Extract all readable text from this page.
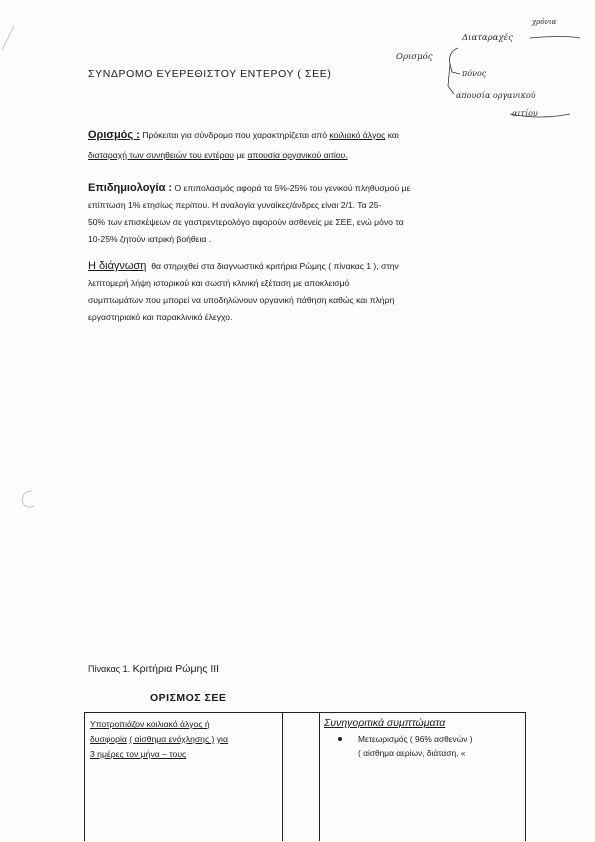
ΣΥΝΔΡΟΜΟ ΕΥΕΡΕΘΙΣΤΟΥ ΕΝΤΕΡΟΥ ( ΣΕΕ)
χρόνια
Ορισμός
Διαταραχές
πόνος
απουσία οργανικού
αιτίου
Ορισμός : Πρόκειται για σύνδρομο που χαρακτηρίζεται από κοιλιακό άλγος και
διαταραχή των συνηθειών του εντέρου με απουσία οργανικού αιτίου.
Επιδημιολογία : Ο επιπολασμός αφορά τα 5%-25% του γενικού πληθυσμού με
επίπτωση 1% ετησίως περίπου. Η αναλογία γυναίκες/άνδρες είναι 2/1. Τα 25-
50% των επισκέψεων σε γαστρεντερολόγο αφορούν ασθενείς με ΣΕΕ, ενώ μόνο τα
10-25% ζητούν ιατρική βοήθεια .
Η διάγνωση θα στηριχθεί στα διαγνωστικά κριτήρια Ρώμης ( πίνακας 1 ), στην
λεπτομερή λήψη ιστορικού και σωστή κλινική εξέταση με αποκλεισμό
συμπτωμάτων που μπορεί να υποδηλώνουν οργανική πάθηση καθώς και πλήρη
εργαστηριακό και παρακλινικό έλεγχο.
Πίνακας 1. Κριτήρια Ρώμης ΙΙΙ
ΟΡΙΣΜΟΣ ΣΕΕ
Υποτροπιάζον κοιλιακό άλγος ή
δυσφορία ( αίσθημα ενόχλησης ) για
3 ημέρες τον μήνα – τους
Συνηγοριτικά συμπτώματα
Μετεωρισμός ( 96% ασθενών )
( αίσθημα αερίων, διάταση, «
